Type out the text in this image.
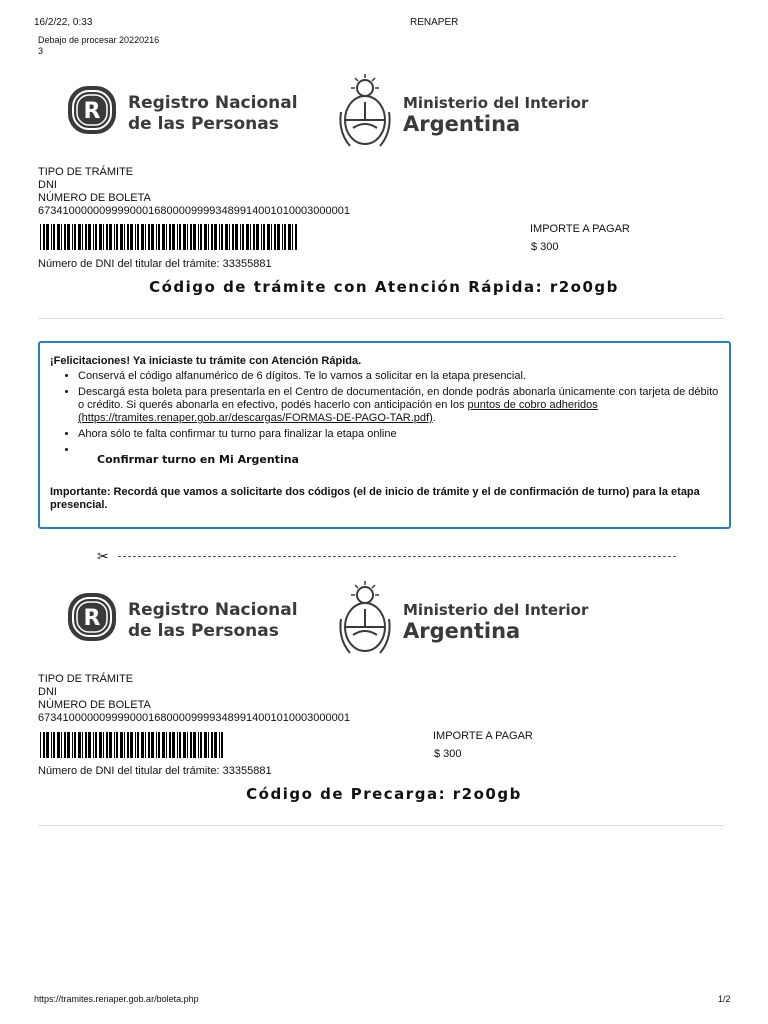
16/2/22, 0:33	RENAPER
Debajo de procesar 20220216
3
R Registro Nacional
de las Personas
Ministerio del Interior
Argentina
TIPO DE TRÁMITE
DNI
NÚMERO DE BOLETA
673410000009999000168000099993489914001010003000001
IMPORTE A PAGAR
$ 300
Número de DNI del titular del trámite: 33355881
Código de trámite con Atención Rápida: r2o0gb
¡Felicitaciones! Ya iniciaste tu trámite con Atención Rápida.
• Conservá el código alfanumérico de 6 dígitos. Te lo vamos a solicitar en la etapa presencial.
• Descargá esta boleta para presentarla en el Centro de documentación, en donde podrás abonarla únicamente con tarjeta de débito o crédito. Si querés abonarla en efectivo, podés hacerlo con anticipación en los puntos de cobro adheridos (https://tramites.renaper.gob.ar/descargas/FORMAS-DE-PAGO-TAR.pdf).
• Ahora sólo te falta confirmar tu turno para finalizar la etapa online
•
Confirmar turno en Mi Argentina
Importante: Recordá que vamos a solicitarte dos códigos (el de inicio de trámite y el de confirmación de turno) para la etapa presencial.
✂
R Registro Nacional
de las Personas
Ministerio del Interior
Argentina
TIPO DE TRÁMITE
DNI
NÚMERO DE BOLETA
673410000009999000168000099993489914001010003000001
IMPORTE A PAGAR
$ 300
Número de DNI del titular del trámite: 33355881
Código de Precarga: r2o0gb
https://tramites.renaper.gob.ar/boleta.php	1/2
